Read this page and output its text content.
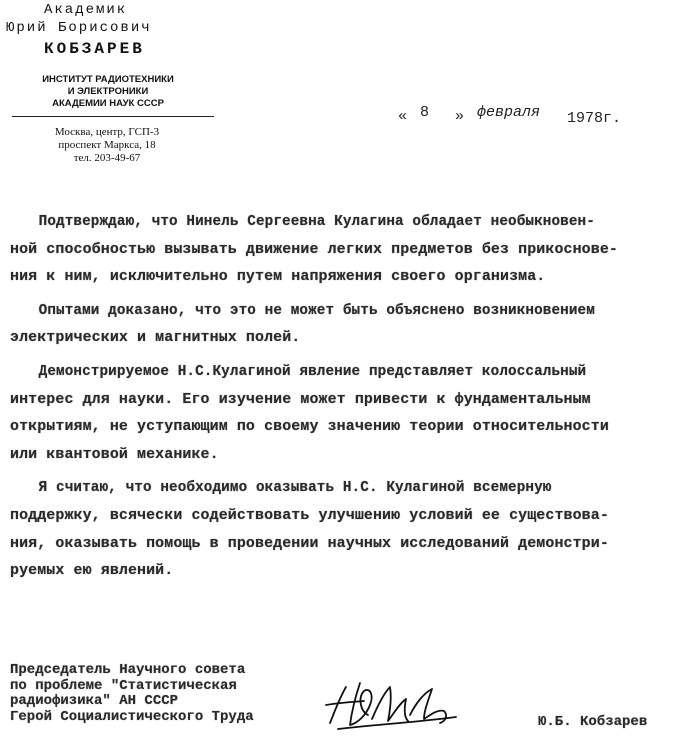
Академик
Юрий Борисович
КОБЗАРЕВ
ИНСТИТУТ РАДИОТЕХНИКИ
И ЭЛЕКТРОНИКИ
АКАДЕМИИ НАУК СССР
Москва, центр, ГСП-3
проспект Маркса, 18
тел. 203-49-67
« 8 » февраля 1978г.

Подтверждаю, что Нинель Сергеевна Кулагина обладает необыкновен-
ной способностью вызывать движение легких предметов без прикоснове-
ния к ним, исключительно путем напряжения своего организма.

Опытами доказано, что это не может быть объяснено возникновением
электрических и магнитных полей.

Демонстрируемое Н.С.Кулагиной явление представляет колоссальный
интерес для науки. Его изучение может привести к фундаментальным
открытиям, не уступающим по своему значению теории относительности
или квантовой механике.

Я считаю, что необходимо оказывать Н.С. Кулагиной всемерную
поддержку, всячески содействовать улучшению условий ее существова-
ния, оказывать помощь в проведении научных исследований демонстри-
руемых ею явлений.

Председатель Научного совета
по проблеме "Статистическая
радиофизика" АН СССР
Герой Социалистического Труда	Ю.Б. Кобзарев
